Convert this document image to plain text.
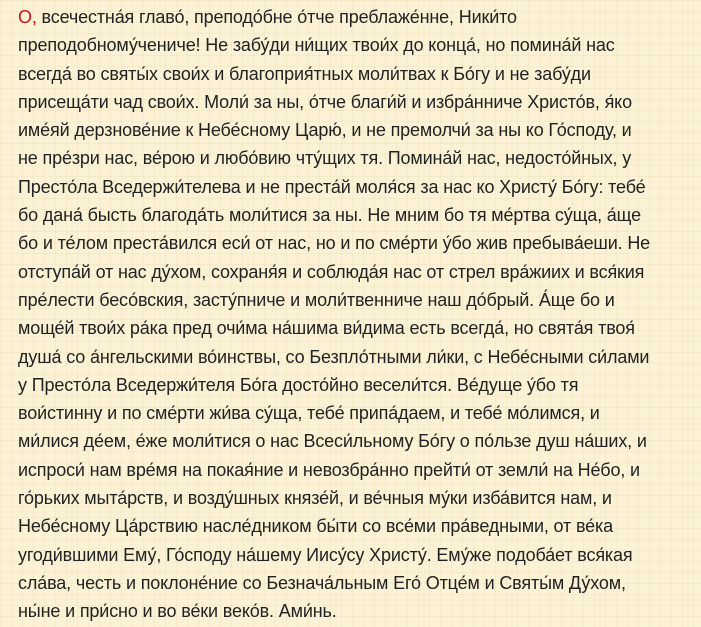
О, всечестна́я главо́, преподо́бне о́тче преблаже́нне, Ники́то
преподобному́чениче! Не забу́ди ни́щих твои́х до конца́, но помина́й нас
всегда́ во святы́х свои́х и благоприя́тных моли́твах к Бо́гу и не забу́ди
присеща́ти чад свои́х. Моли́ за ны, о́тче благи́й и избра́нниче Христо́в, я́ко
име́яй дерзнове́ние к Небе́сному Царю́, и не премолчи́ за ны ко Го́споду, и
не пре́зри нас, ве́рою и любо́вию чту́щих тя. Помина́й нас, недосто́йных, у
Престо́ла Вседержи́телева и не преста́й моля́ся за нас ко Христу́ Бо́гу: тебе́
бо дана́ бысть благода́ть моли́тися за ны. Не мним бо тя ме́ртва су́ща, а́ще
бо и те́лом преста́вился еси́ от нас, но и по сме́рти у́бо жив пребыва́еши. Не
отступа́й от нас ду́хом, сохраня́я и соблюда́я нас от стрел вра́жиих и вся́кия
пре́лести бесо́вския, засту́пниче и моли́твенниче наш до́брый. А́ще бо и
моще́й твои́х ра́ка пред очи́ма на́шима ви́дима есть всегда́, но свята́я твоя́
душа́ со а́нгельскими во́инствы, со Безпло́тными ли́ки, с Небе́сными си́лами
у Престо́ла Вседержи́теля Бо́га досто́йно весели́тся. Ве́дуще у́бо тя
вои́стинну и по сме́рти жи́ва су́ща, тебе́ припа́даем, и тебе́ мо́лимся, и
ми́лися де́ем, е́же моли́тися о нас Всеси́льному Бо́гу о по́льзе душ на́ших, и
испроси́ нам вре́мя на покая́ние и невозбра́нно прейти́ от земли́ на Не́бо, и
го́рьких мыта́рств, и возду́шных князе́й, и ве́чныя му́ки изба́вится нам, и
Небе́сному Ца́рствию насле́дником бы́ти со все́ми пра́ведными, от ве́ка
угоди́вшими Ему́, Го́споду на́шему Иису́су Христу́. Ему́же подоба́ет вся́кая
сла́ва, честь и поклоне́ние со Безнача́льным Его́ Отце́м и Святы́м Ду́хом,
ны́не и при́сно и во ве́ки веко́в. Ами́нь.
